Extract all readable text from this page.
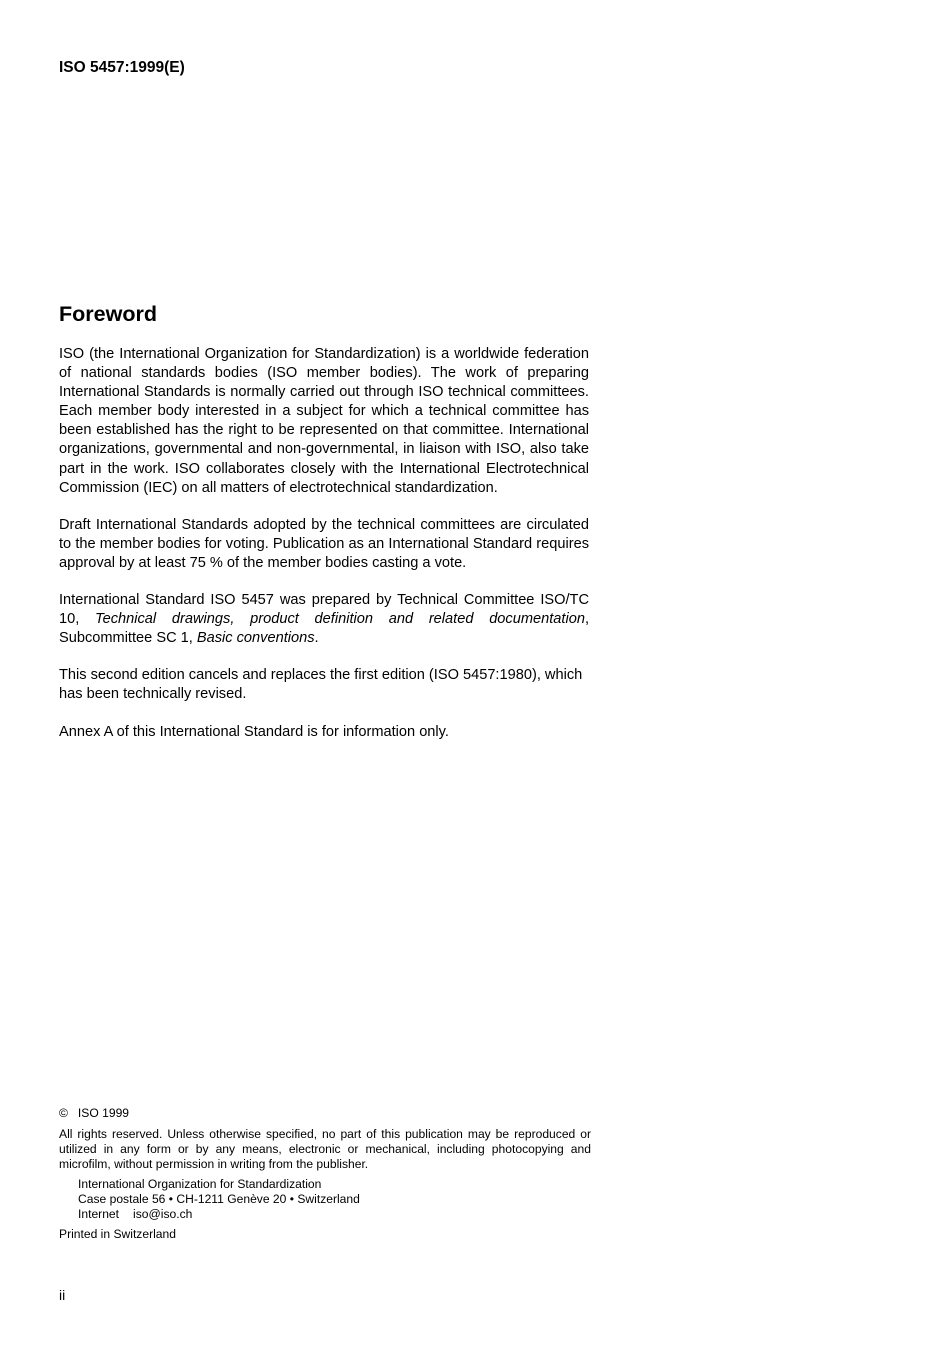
ISO 5457:1999(E)
Foreword

ISO (the International Organization for Standardization) is a worldwide federation of national standards bodies (ISO member bodies). The work of preparing International Standards is normally carried out through ISO technical committees. Each member body interested in a subject for which a technical committee has been established has the right to be represented on that committee. International organizations, governmental and non-governmental, in liaison with ISO, also take part in the work. ISO collaborates closely with the International Electrotechnical Commission (IEC) on all matters of electrotechnical standardization.

Draft International Standards adopted by the technical committees are circulated to the member bodies for voting. Publication as an International Standard requires approval by at least 75 % of the member bodies casting a vote.

International Standard ISO 5457 was prepared by Technical Committee ISO/TC 10, Technical drawings, product definition and related documentation, Subcommittee SC 1, Basic conventions.

This second edition cancels and replaces the first edition (ISO 5457:1980), which has been technically revised.

Annex A of this International Standard is for information only.

© ISO 1999
All rights reserved. Unless otherwise specified, no part of this publication may be reproduced or utilized in any form or by any means, electronic or mechanical, including photocopying and microfilm, without permission in writing from the publisher.
International Organization for Standardization
Case postale 56 • CH-1211 Genève 20 • Switzerland
Internet iso@iso.ch
Printed in Switzerland
ii
